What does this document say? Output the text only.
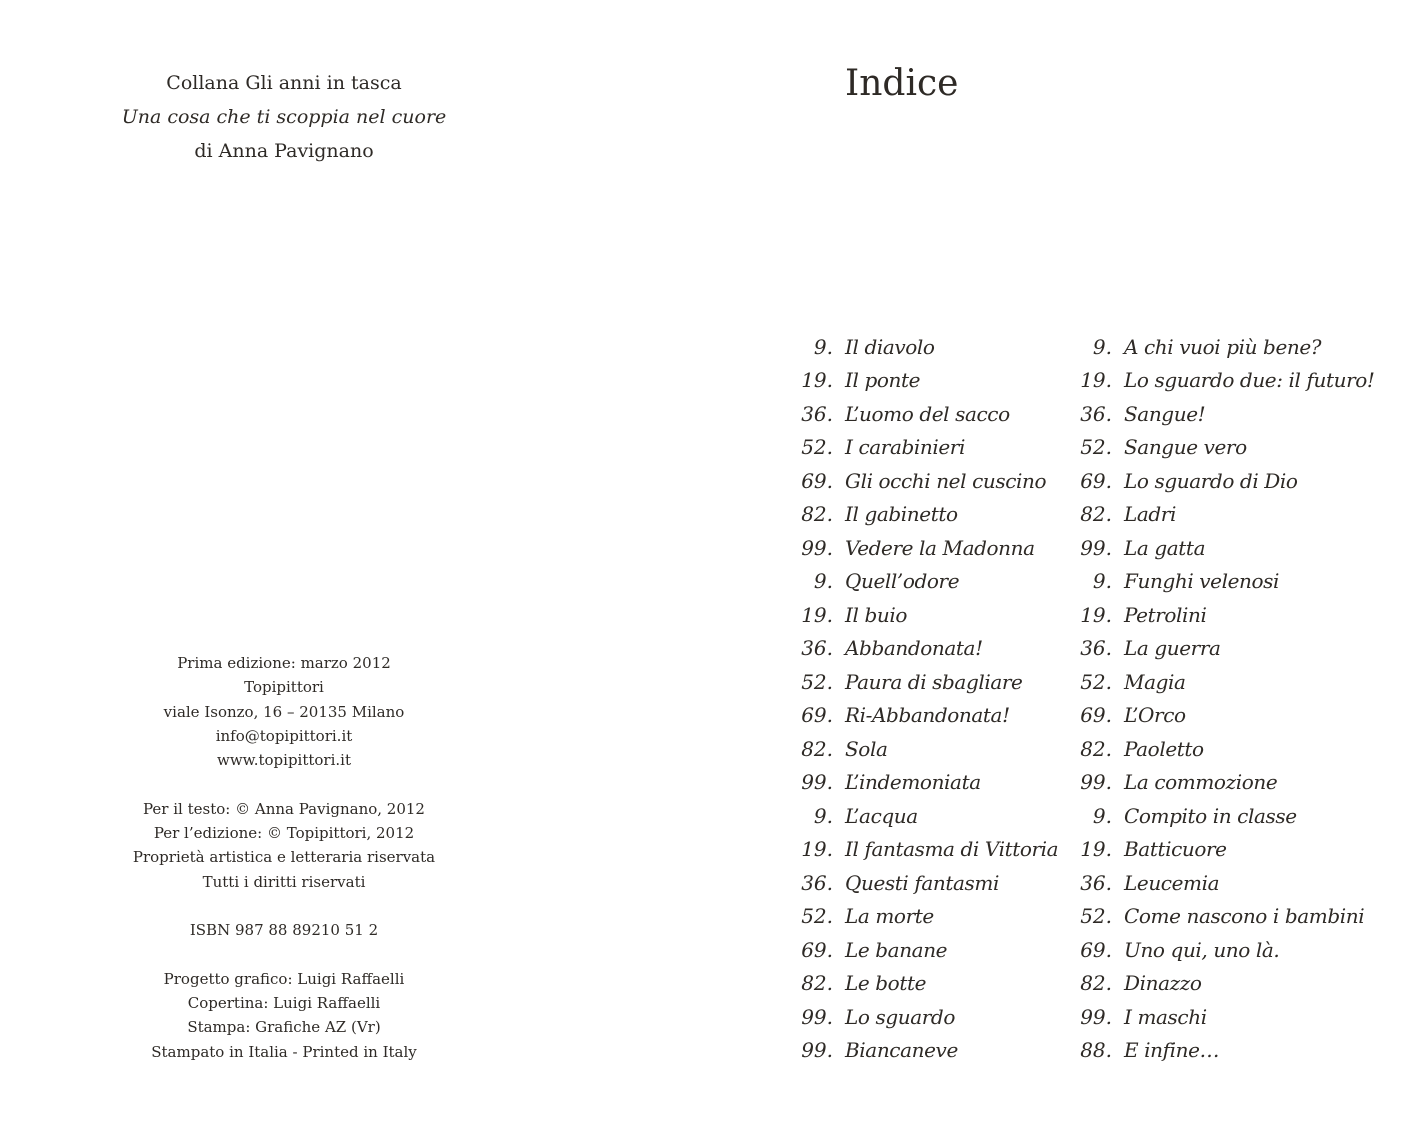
Collana Gli anni in tasca
Una cosa che ti scoppia nel cuore
di Anna Pavignano
Prima edizione: marzo 2012
Topipittori
viale Isonzo, 16 – 20135 Milano
info@topipittori.it
www.topipittori.it
Per il testo: © Anna Pavignano, 2012
Per l’edizione: © Topipittori, 2012
Proprietà artistica e letteraria riservata
Tutti i diritti riservati
ISBN 987 88 89210 51 2
Progetto grafico: Luigi Raffaelli
Copertina: Luigi Raffaelli
Stampa: Grafiche AZ (Vr)
Stampato in Italia - Printed in Italy
Indice
9. Il diavolo
19. Il ponte
36. L’uomo del sacco
52. I carabinieri
69. Gli occhi nel cuscino
82. Il gabinetto
99. Vedere la Madonna
9. Quell’odore
19. Il buio
36. Abbandonata!
52. Paura di sbagliare
69. Ri-Abbandonata!
82. Sola
99. L’indemoniata
9. L’acqua
19. Il fantasma di Vittoria
36. Questi fantasmi
52. La morte
69. Le banane
82. Le botte
99. Lo sguardo
99. Biancaneve
9. A chi vuoi più bene?
19. Lo sguardo due: il futuro!
36. Sangue!
52. Sangue vero
69. Lo sguardo di Dio
82. Ladri
99. La gatta
9. Funghi velenosi
19. Petrolini
36. La guerra
52. Magia
69. L’Orco
82. Paoletto
99. La commozione
9. Compito in classe
19. Batticuore
36. Leucemia
52. Come nascono i bambini
69. Uno qui, uno là.
82. Dinazzo
99. I maschi
88. E infine…
